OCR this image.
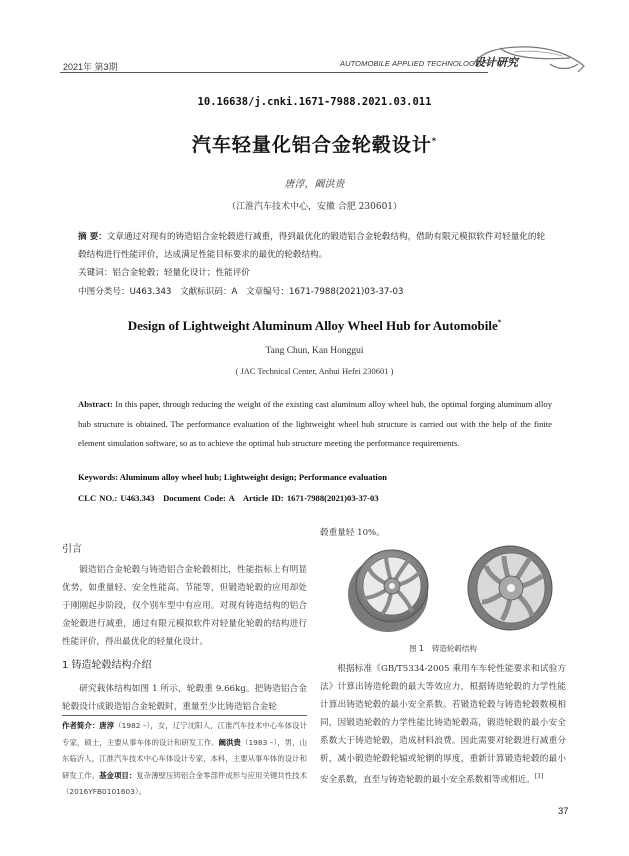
2021年 第3期	AUTOMOBILE APPLIED TECHNOLOGY
设计研究
10.16638/j.cnki.1671-7988.2021.03.011
汽车轻量化铝合金轮毂设计*
唐淳，阚洪贵
（江淮汽车技术中心，安徽 合肥 230601）
摘 要：文章通过对现有的铸造铝合金轮毂进行减重，得到最优化的锻造铝合金轮毂结构，借助有限元模拟软件对轻量化的轮毂结构进行性能评价，达成满足性能目标要求的最优的轮毂结构。
关键词：铝合金轮毂；轻量化设计；性能评价
中图分类号：U463.343　文献标识码：A　文章编号：1671-7988(2021)03-37-03
Design of Lightweight Aluminum Alloy Wheel Hub for Automobile*
Tang Chun, Kan Honggui
( JAC Technical Center, Anhui Hefei 230601 )
Abstract: In this paper, through reducing the weight of the existing cast aluminum alloy wheel hub, the optimal forging aluminum alloy hub structure is obtained. The performance evaluation of the lightweight wheel hub structure is carried out with the help of the finite element simulation software, so as to achieve the optimal hub structure meeting the performance requirements.
Keywords: Aluminum alloy wheel hub; Lightweight design; Performance evaluation
CLC NO.: U463.343　Document Code: A　Article ID: 1671-7988(2021)03-37-03
引言
锻造铝合金轮毂与铸造铝合金轮毂相比，性能指标上有明显优势，如重量轻、安全性能高、节能等，但锻造轮毂的应用却处于刚刚起步阶段，仅个别车型中有应用。对现有铸造结构的铝合金轮毂进行减重，通过有限元模拟软件对轻量化轮毂的结构进行性能评价，得出最优化的轻量化设计。
1 铸造轮毂结构介绍
研究载体结构如图 1 所示，轮毂重 9.66kg。把铸造铝合金轮毂设计成锻造铝合金轮毂时，重量至少比铸造铝合金轮
作者简介：唐淳（1982 –），女，辽宁沈阳人，江淮汽车技术中心车体设计专家，硕士，主要从事车体的设计和研发工作。阚洪贵（1983 –），男，山东临沂人，江淮汽车技术中心车体设计专家，本科，主要从事车体的设计和研发工作。基金项目：复杂薄壁压铸铝合金零部件成形与应用关键共性技术（2016YFB0101603）。
毂重量轻 10%。
图 1 铸造轮毂结构
根据标准《GB/T5334-2005 乘用车车轮性能要求和试验方法》计算出铸造轮毂的最大等效应力，根据铸造轮毂的力学性能计算出铸造轮毂的最小安全系数。若锻造轮毂与铸造轮毂数模相同，因锻造轮毂的力学性能比铸造轮毂高，锻造轮毂的最小安全系数大于铸造轮毂，造成材料浪费。因此需要对轮毂进行减重分析，减小锻造轮毂轮辐或轮辋的厚度，重新计算锻造轮毂的最小安全系数，直至与铸造轮毂的最小安全系数相等或相近。[1]
37
